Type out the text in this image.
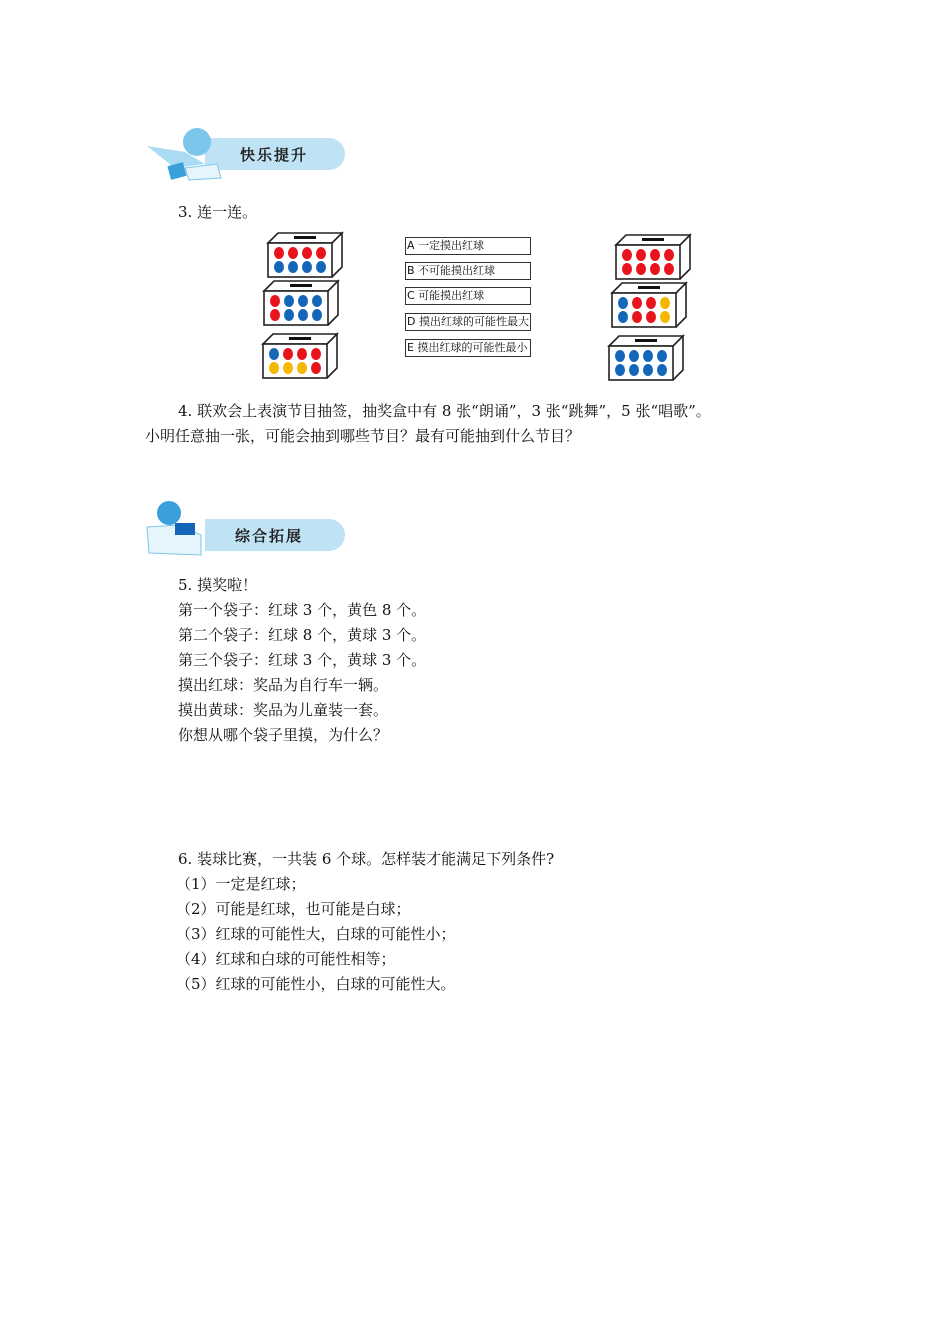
快乐提升
3. 连一连。
A 一定摸出红球
B 不可能摸出红球
C 可能摸出红球
D 摸出红球的可能性最大
E 摸出红球的可能性最小
4. 联欢会上表演节目抽签，抽奖盒中有 8 张“朗诵”，3 张“跳舞”，5 张“唱歌”。
小明任意抽一张，可能会抽到哪些节目？最有可能抽到什么节目？
综合拓展
5. 摸奖啦！
第一个袋子：红球 3 个，黄色 8 个。
第二个袋子：红球 8 个，黄球 3 个。
第三个袋子：红球 3 个，黄球 3 个。
摸出红球：奖品为自行车一辆。
摸出黄球：奖品为儿童装一套。
你想从哪个袋子里摸，为什么？
6. 装球比赛，一共装 6 个球。怎样装才能满足下列条件?
（1）一定是红球；
（2）可能是红球，也可能是白球；
（3）红球的可能性大，白球的可能性小；
（4）红球和白球的可能性相等；
（5）红球的可能性小，白球的可能性大。
